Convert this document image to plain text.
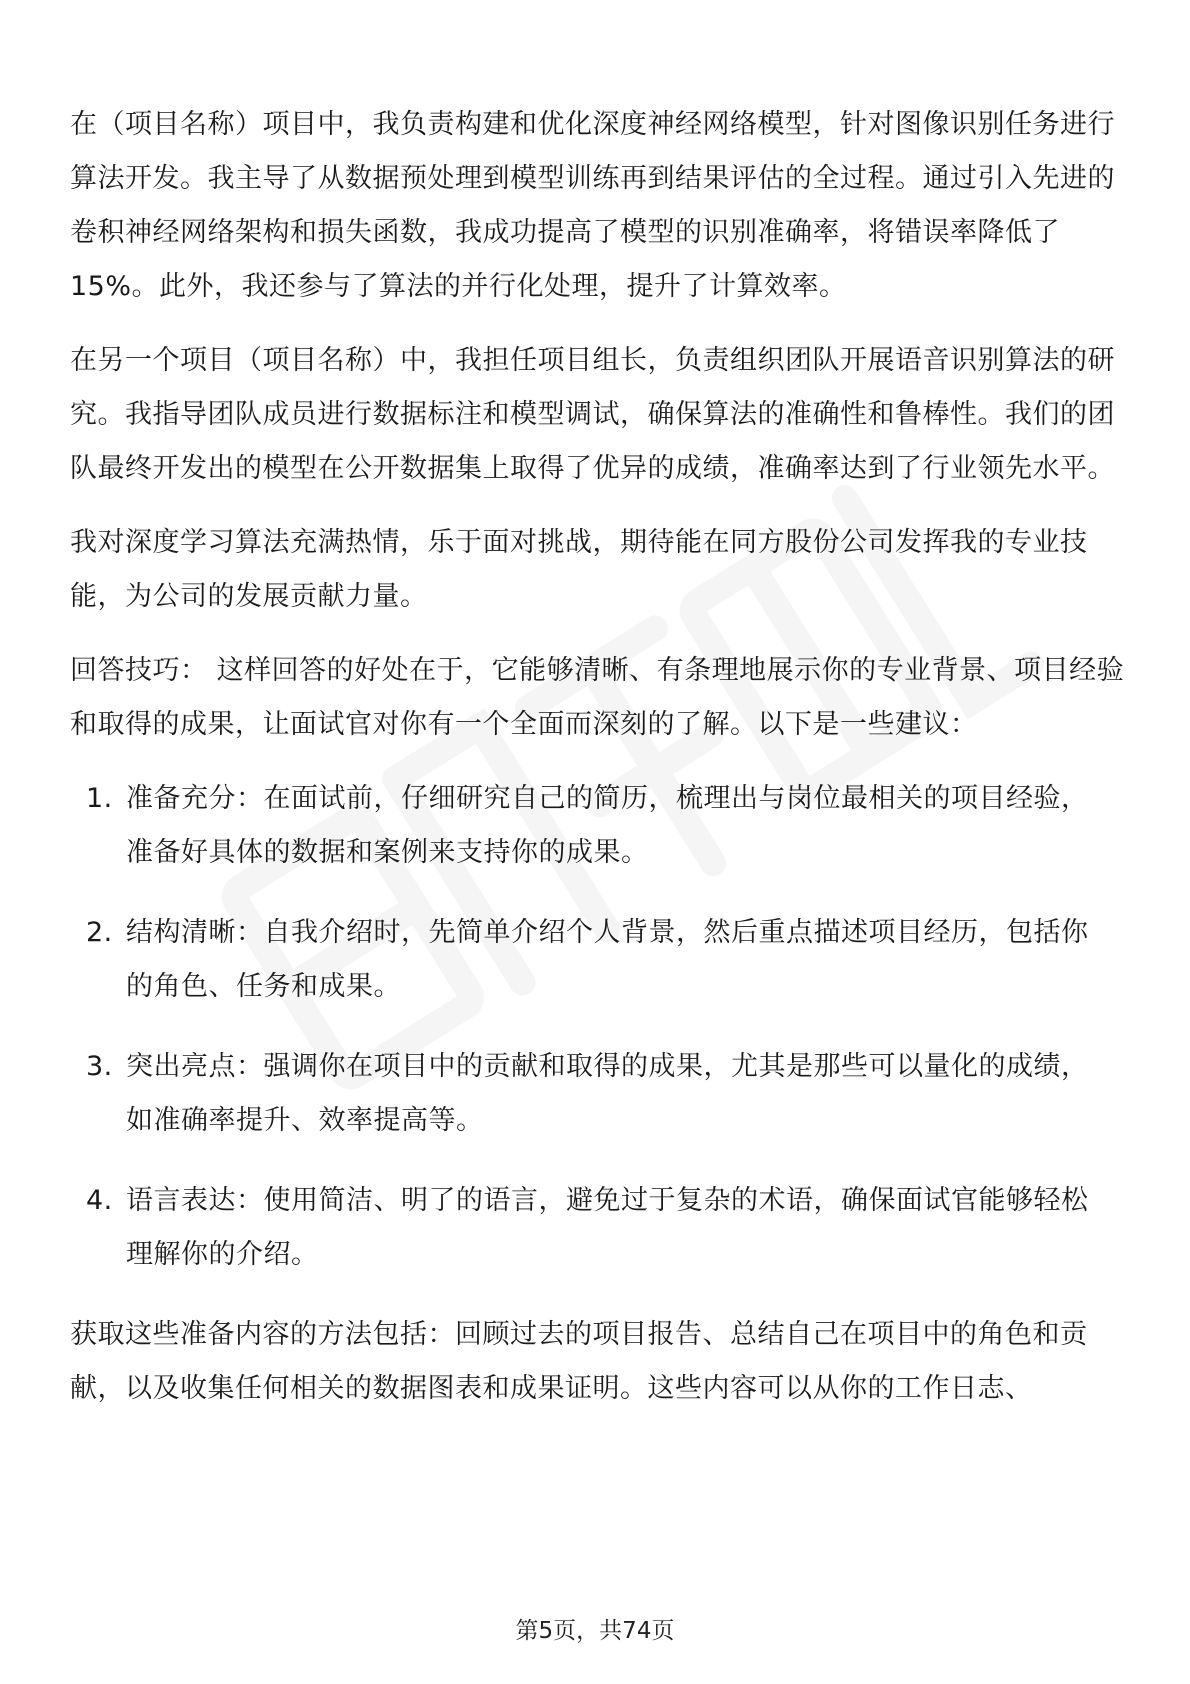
在（项目名称）项目中，我负责构建和优化深度神经网络模型，针对图像识别任务进行算法开发。我主导了从数据预处理到模型训练再到结果评估的全过程。通过引入先进的卷积神经网络架构和损失函数，我成功提高了模型的识别准确率，将错误率降低了15%。此外，我还参与了算法的并行化处理，提升了计算效率。

在另一个项目（项目名称）中，我担任项目组长，负责组织团队开展语音识别算法的研究。我指导团队成员进行数据标注和模型调试，确保算法的准确性和鲁棒性。我们的团队最终开发出的模型在公开数据集上取得了优异的成绩，准确率达到了行业领先水平。

我对深度学习算法充满热情，乐于面对挑战，期待能在同方股份公司发挥我的专业技能，为公司的发展贡献力量。

回答技巧： 这样回答的好处在于，它能够清晰、有条理地展示你的专业背景、项目经验和取得的成果，让面试官对你有一个全面而深刻的了解。以下是一些建议：

1. 准备充分：在面试前，仔细研究自己的简历，梳理出与岗位最相关的项目经验，准备好具体的数据和案例来支持你的成果。
2. 结构清晰：自我介绍时，先简单介绍个人背景，然后重点描述项目经历，包括你的角色、任务和成果。
3. 突出亮点：强调你在项目中的贡献和取得的成果，尤其是那些可以量化的成绩，如准确率提升、效率提高等。
4. 语言表达：使用简洁、明了的语言，避免过于复杂的术语，确保面试官能够轻松理解你的介绍。

获取这些准备内容的方法包括：回顾过去的项目报告、总结自己在项目中的角色和贡献，以及收集任何相关的数据图表和成果证明。这些内容可以从你的工作日志、

第5页，共74页
